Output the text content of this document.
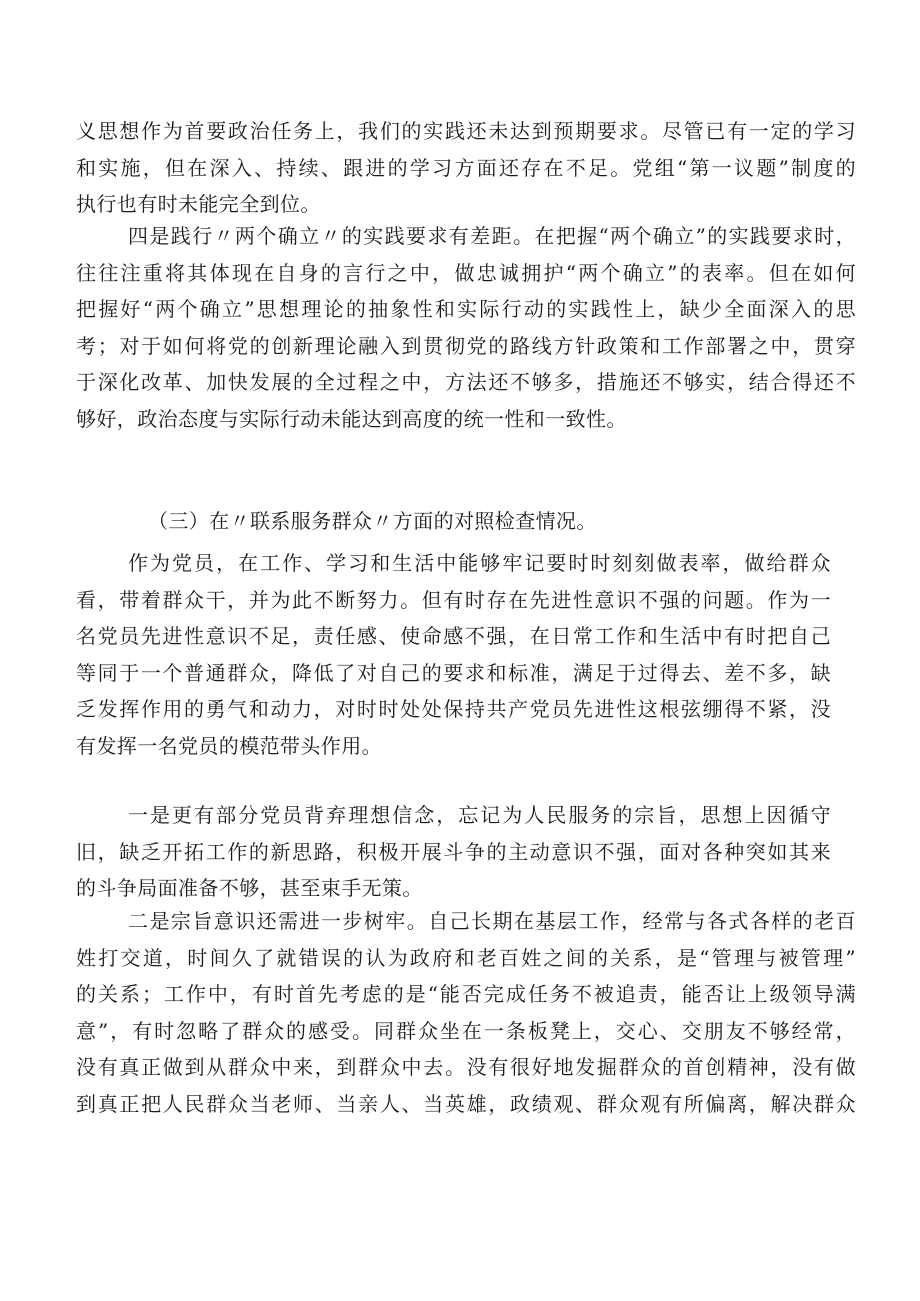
义思想作为首要政治任务上，我们的实践还未达到预期要求。尽管已有一定的学习
和实施，但在深入、持续、跟进的学习方面还存在不足。党组“第一议题”制度的
执行也有时未能完全到位。
四是践行〃两个确立〃的实践要求有差距。在把握“两个确立”的实践要求时，
往往注重将其体现在自身的言行之中，做忠诚拥护“两个确立”的表率。但在如何
把握好“两个确立”思想理论的抽象性和实际行动的实践性上，缺少全面深入的思
考；对于如何将党的创新理论融入到贯彻党的路线方针政策和工作部署之中，贯穿
于深化改革、加快发展的全过程之中，方法还不够多，措施还不够实，结合得还不
够好，政治态度与实际行动未能达到高度的统一性和一致性。
（三）在〃联系服务群众〃方面的对照检查情况。
作为党员，在工作、学习和生活中能够牢记要时时刻刻做表率，做给群众
看，带着群众干，并为此不断努力。但有时存在先进性意识不强的问题。作为一
名党员先进性意识不足，责任感、使命感不强，在日常工作和生活中有时把自己
等同于一个普通群众，降低了对自己的要求和标准，满足于过得去、差不多，缺
乏发挥作用的勇气和动力，对时时处处保持共产党员先进性这根弦绷得不紧，没
有发挥一名党员的模范带头作用。
一是更有部分党员背弃理想信念，忘记为人民服务的宗旨，思想上因循守
旧，缺乏开拓工作的新思路，积极开展斗争的主动意识不强，面对各种突如其来
的斗争局面准备不够，甚至束手无策。
二是宗旨意识还需进一步树牢。自己长期在基层工作，经常与各式各样的老百
姓打交道，时间久了就错误的认为政府和老百姓之间的关系，是“管理与被管理”
的关系；工作中，有时首先考虑的是“能否完成任务不被追责，能否让上级领导满
意”，有时忽略了群众的感受。同群众坐在一条板凳上，交心、交朋友不够经常，
没有真正做到从群众中来，到群众中去。没有很好地发掘群众的首创精神，没有做
到真正把人民群众当老师、当亲人、当英雄，政绩观、群众观有所偏离，解决群众
